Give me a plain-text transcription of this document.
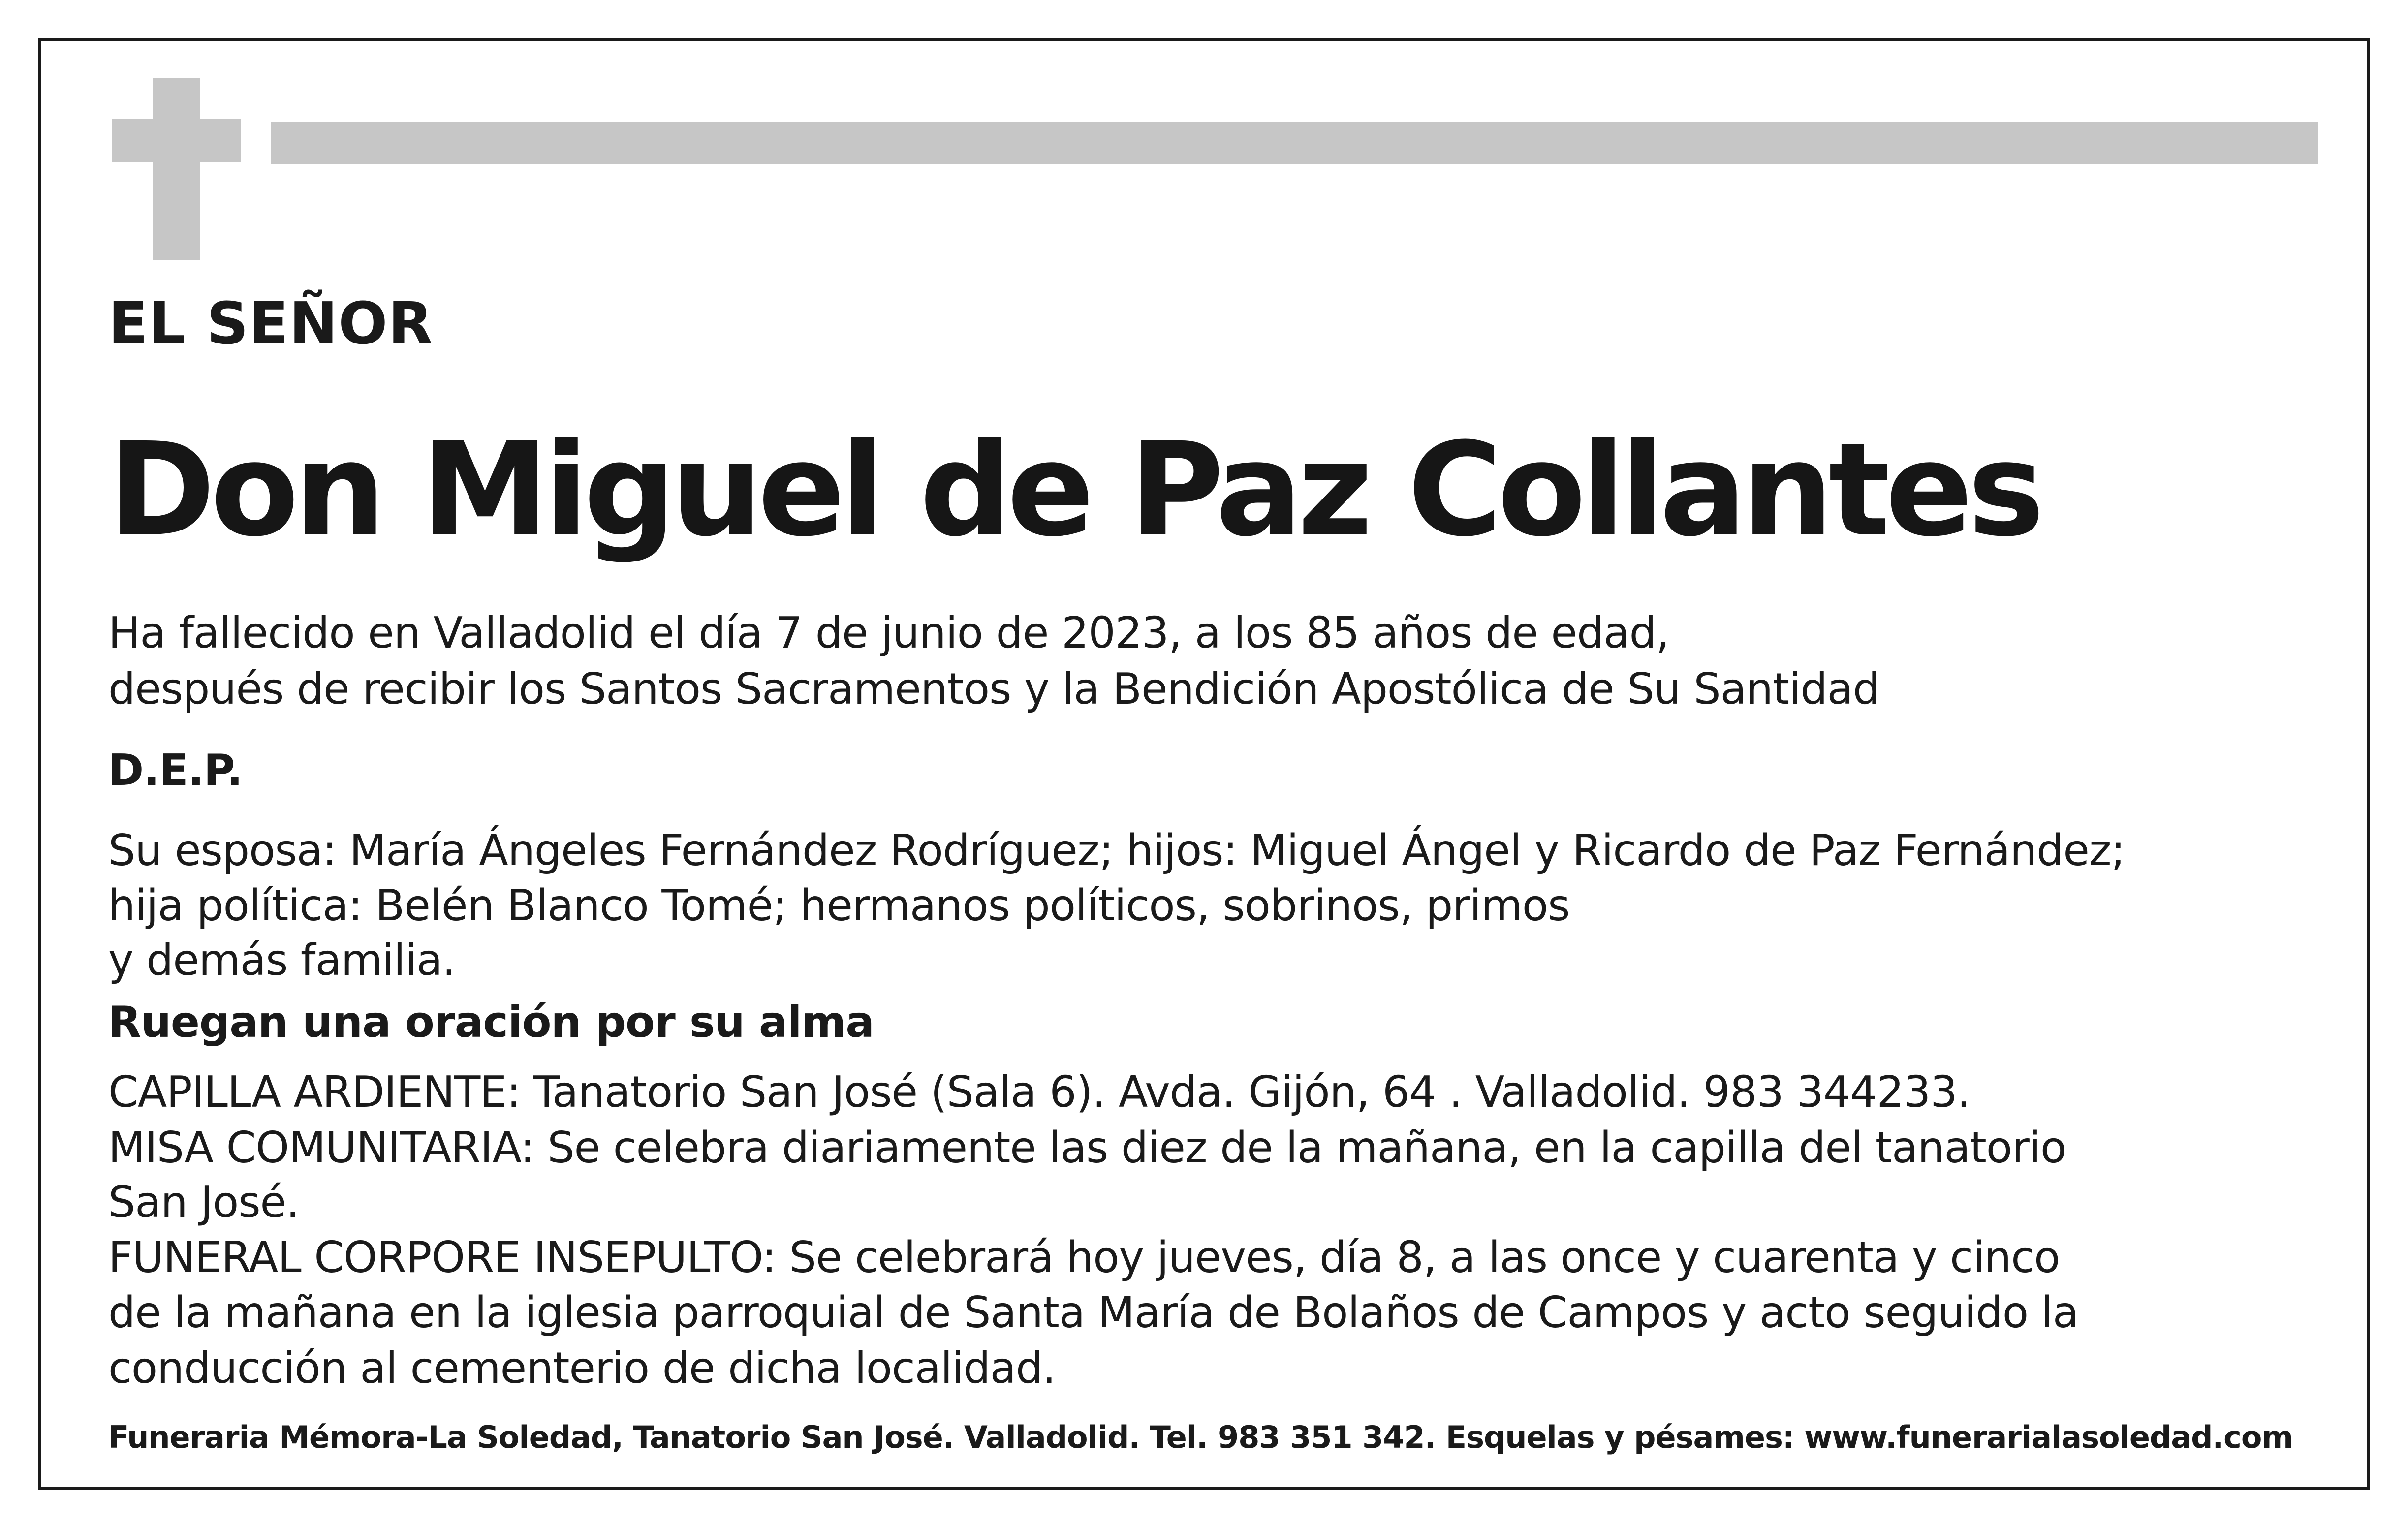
EL SEÑOR

Don Miguel de Paz Collantes

Ha fallecido en Valladolid el día 7 de junio de 2023, a los 85 años de edad,

después de recibir los Santos Sacramentos y la Bendición Apostólica de Su Santidad

D.E.P.

Su esposa: María Ángeles Fernández Rodríguez; hijos: Miguel Ángel y Ricardo de Paz Fernández;

hija política: Belén Blanco Tomé; hermanos políticos, sobrinos, primos

y demás familia.

Ruegan una oración por su alma

CAPILLA ARDIENTE: Tanatorio San José (Sala 6). Avda. Gijón, 64 . Valladolid. 983 344233.

MISA COMUNITARIA: Se celebra diariamente las diez de la mañana, en la capilla del tanatorio

San José.

FUNERAL CORPORE INSEPULTO: Se celebrará hoy jueves, día 8, a las once y cuarenta y cinco

de la mañana en la iglesia parroquial de Santa María de Bolaños de Campos y acto seguido la

conducción al cementerio de dicha localidad.

Funeraria Mémora-La Soledad, Tanatorio San José. Valladolid. Tel. 983 351 342. Esquelas y pésames: www.funerarialasoledad.com
